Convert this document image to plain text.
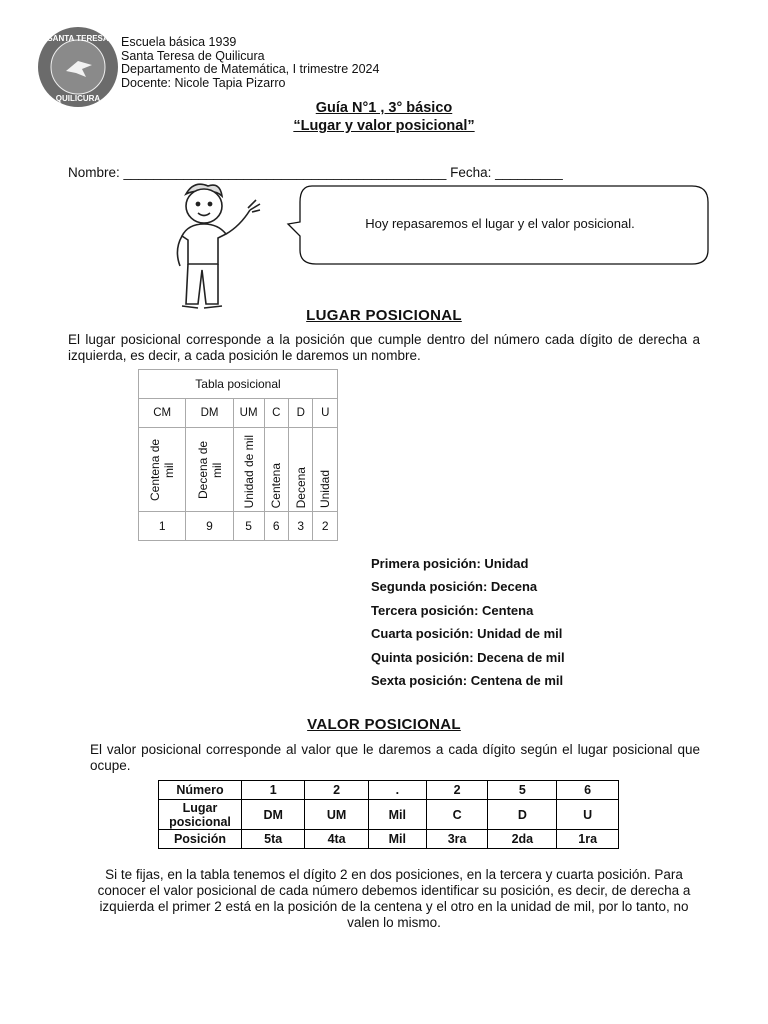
SANTA TERESA
QUILICURA
Escuela básica 1939
Santa Teresa de Quilicura
Departamento de Matemática, I trimestre 2024
Docente: Nicole Tapia Pizarro
Guía N°1 , 3° básico
“Lugar y valor posicional”
Nombre: ___________________________________________ Fecha: _________
Hoy repasaremos el lugar y el valor posicional.
LUGAR POSICIONAL
El lugar posicional corresponde a la posición que cumple dentro del número cada dígito de derecha a izquierda, es decir, a cada posición le daremos un nombre.
Tabla posicional					
CM	DM	UM	C	D	U
Centena de mil	Decena de mil	Unidad de mil	Centena	Decena	Unidad
1	9	5	6	3	2
Primera posición: Unidad
Segunda posición: Decena
Tercera posición: Centena
Cuarta posición: Unidad de mil
Quinta posición: Decena de mil
Sexta posición: Centena de mil
VALOR POSICIONAL
El valor posicional corresponde al valor que le daremos a cada dígito según el lugar posicional que ocupe.
Número	1	2	.	2	5	6
Lugar posicional	DM	UM	Mil	C	D	U
Posición	5ta	4ta	Mil	3ra	2da	1ra
Si te fijas, en la tabla tenemos el dígito 2 en dos posiciones, en la tercera y cuarta posición. Para conocer el valor posicional de cada número debemos identificar su posición, es decir, de derecha a izquierda el primer 2 está en la posición de la centena y el otro en la unidad de mil, por lo tanto, no valen lo mismo.
